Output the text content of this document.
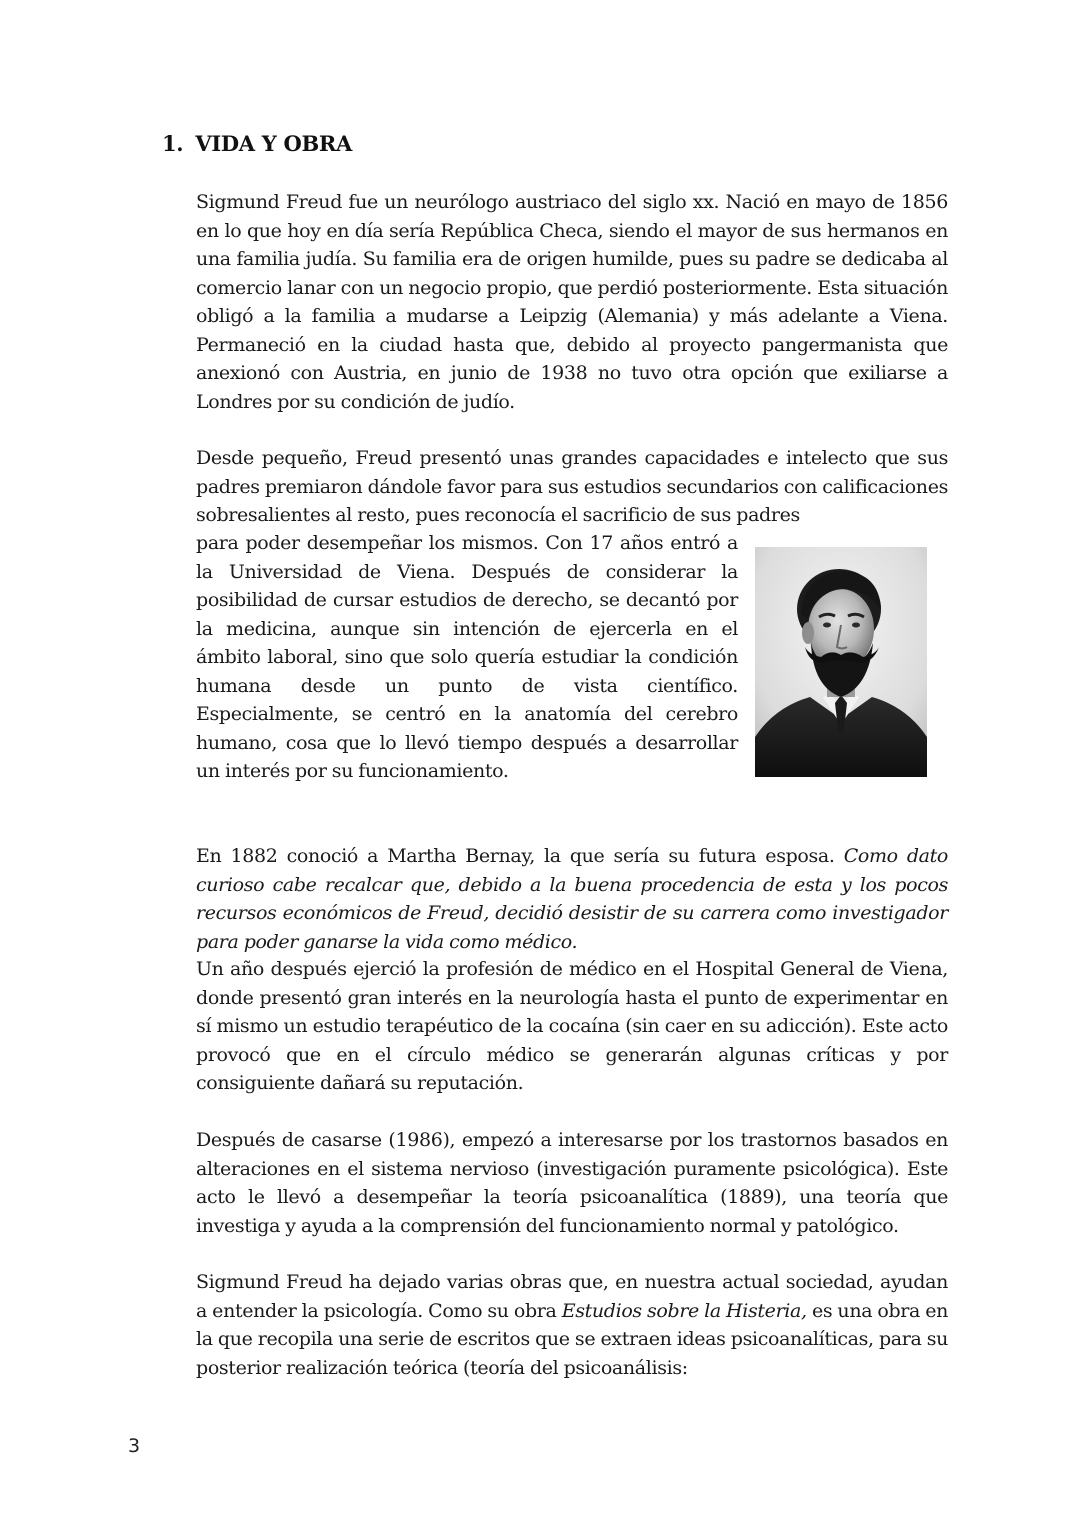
1. VIDA Y OBRA

Sigmund Freud fue un neurólogo austriaco del siglo xx. Nació en mayo de 1856 en lo que hoy en día sería República Checa, siendo el mayor de sus hermanos en una familia judía. Su familia era de origen humilde, pues su padre se dedicaba al comercio lanar con un negocio propio, que perdió posteriormente. Esta situación obligó a la familia a mudarse a Leipzig (Alemania) y más adelante a Viena. Permaneció en la ciudad hasta que, debido al proyecto pangermanista que anexionó con Austria, en junio de 1938 no tuvo otra opción que exiliarse a Londres por su condición de judío.

Desde pequeño, Freud presentó unas grandes capacidades e intelecto que sus padres premiaron dándole favor para sus estudios secundarios con calificaciones sobresalientes al resto, pues reconocía el sacrificio de sus padres

para poder desempeñar los mismos. Con 17 años entró a la Universidad de Viena. Después de considerar la posibilidad de cursar estudios de derecho, se decantó por la medicina, aunque sin intención de ejercerla en el ámbito laboral, sino que solo quería estudiar la condición humana desde un punto de vista científico. Especialmente, se centró en la anatomía del cerebro humano, cosa que lo llevó tiempo después a desarrollar un interés por su funcionamiento.

En 1882 conoció a Martha Bernay, la que sería su futura esposa. Como dato curioso cabe recalcar que, debido a la buena procedencia de esta y los pocos recursos económicos de Freud, decidió desistir de su carrera como investigador para poder ganarse la vida como médico.

Un año después ejerció la profesión de médico en el Hospital General de Viena, donde presentó gran interés en la neurología hasta el punto de experimentar en sí mismo un estudio terapéutico de la cocaína (sin caer en su adicción). Este acto provocó que en el círculo médico se generarán algunas críticas y por consiguiente dañará su reputación.

Después de casarse (1986), empezó a interesarse por los trastornos basados en alteraciones en el sistema nervioso (investigación puramente psicológica). Este acto le llevó a desempeñar la teoría psicoanalítica (1889), una teoría que investiga y ayuda a la comprensión del funcionamiento normal y patológico.

Sigmund Freud ha dejado varias obras que, en nuestra actual sociedad, ayudan a entender la psicología. Como su obra Estudios sobre la Histeria, es una obra en la que recopila una serie de escritos que se extraen ideas psicoanalíticas, para su posterior realización teórica (teoría del psicoanálisis:

3
